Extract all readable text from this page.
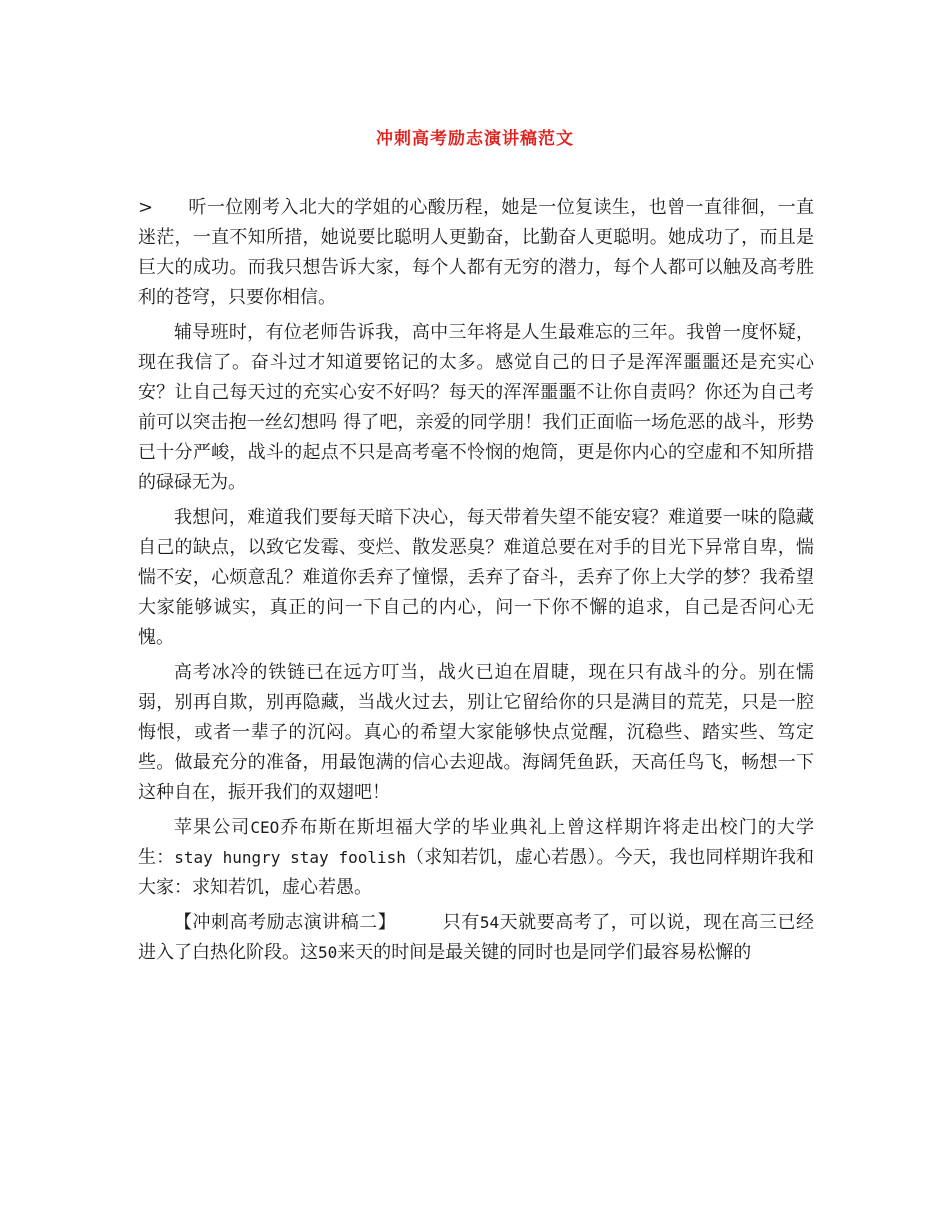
冲刺高考励志演讲稿范文

> 听一位刚考入北大的学姐的心酸历程，她是一位复读生，也曾一直徘徊，一直迷茫，一直不知所措，她说要比聪明人更勤奋，比勤奋人更聪明。她成功了，而且是巨大的成功。而我只想告诉大家，每个人都有无穷的潜力，每个人都可以触及高考胜利的苍穹，只要你相信。

辅导班时，有位老师告诉我，高中三年将是人生最难忘的三年。我曾一度怀疑，现在我信了。奋斗过才知道要铭记的太多。感觉自己的日子是浑浑噩噩还是充实心安？让自己每天过的充实心安不好吗？每天的浑浑噩噩不让你自责吗？你还为自己考前可以突击抱一丝幻想吗 得了吧，亲爱的同学朋！我们正面临一场危恶的战斗，形势已十分严峻，战斗的起点不只是高考毫不怜悯的炮筒，更是你内心的空虚和不知所措的碌碌无为。

我想问，难道我们要每天暗下决心，每天带着失望不能安寝？难道要一味的隐藏自己的缺点，以致它发霉、变烂、散发恶臭？难道总要在对手的目光下异常自卑，惴惴不安，心烦意乱？难道你丢弃了憧憬，丢弃了奋斗，丢弃了你上大学的梦？我希望大家能够诚实，真正的问一下自己的内心，问一下你不懈的追求，自己是否问心无愧。

高考冰冷的铁链已在远方叮当，战火已迫在眉睫，现在只有战斗的分。别在懦弱，别再自欺，别再隐藏，当战火过去，别让它留给你的只是满目的荒芜，只是一腔悔恨，或者一辈子的沉闷。真心的希望大家能够快点觉醒，沉稳些、踏实些、笃定些。做最充分的准备，用最饱满的信心去迎战。海阔凭鱼跃，天高任鸟飞，畅想一下这种自在，振开我们的双翅吧！

苹果公司CEO乔布斯在斯坦福大学的毕业典礼上曾这样期许将走出校门的大学生：stay hungry stay foolish（求知若饥，虚心若愚）。今天，我也同样期许我和大家：求知若饥，虚心若愚。

【冲刺高考励志演讲稿二】	只有54天就要高考了，可以说，现在高三已经进入了白热化阶段。这50来天的时间是最关键的同时也是同学们最容易松懈的
